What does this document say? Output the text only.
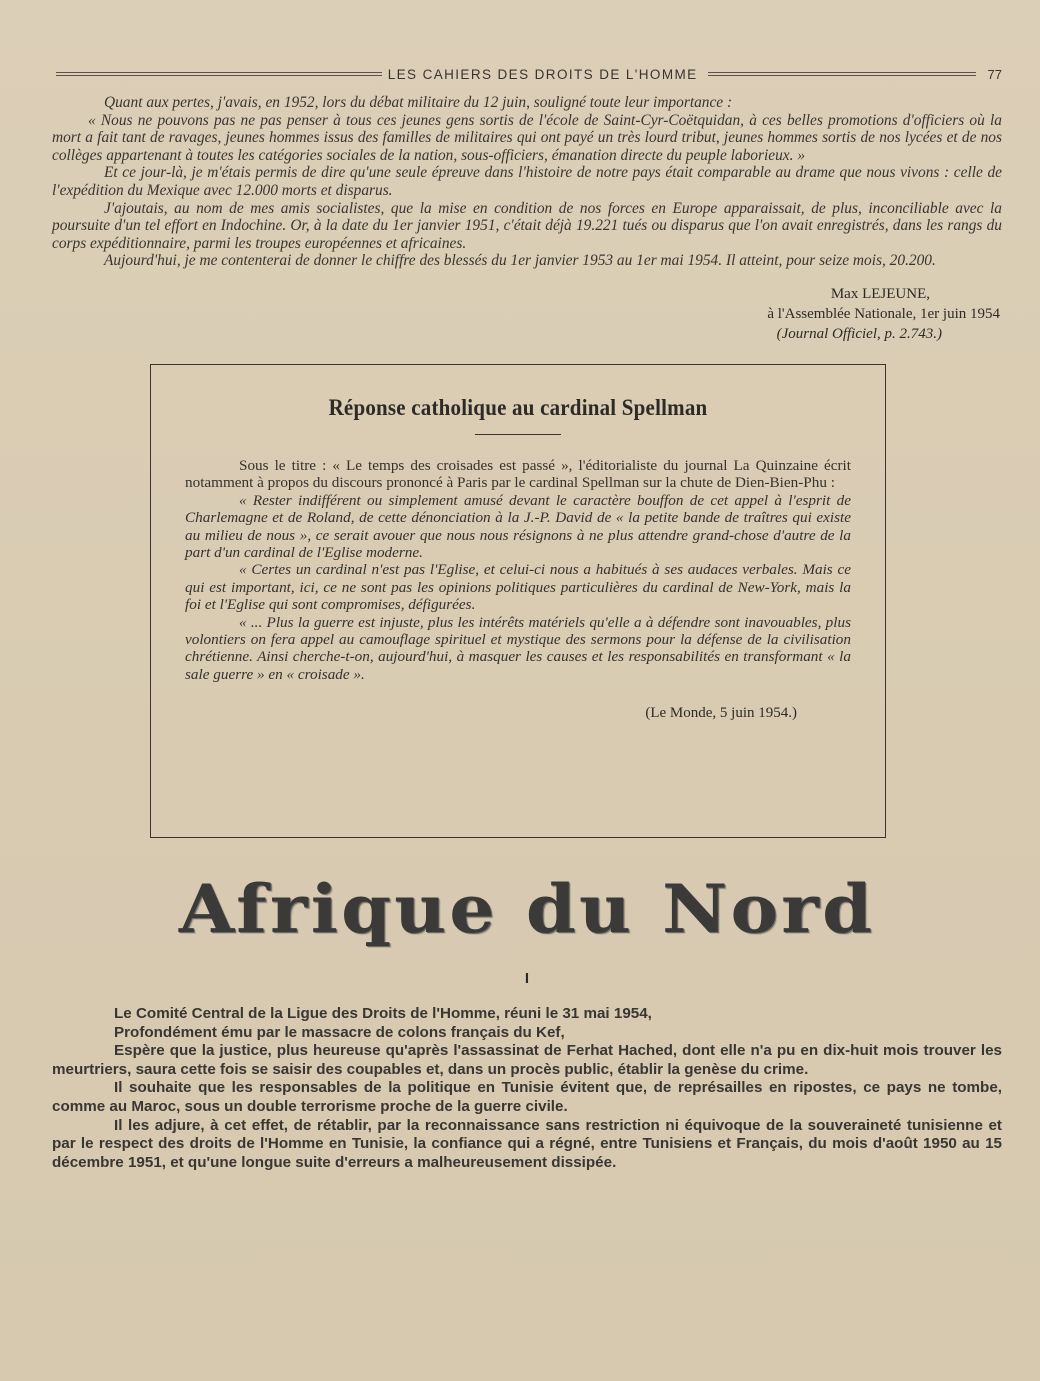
LES CAHIERS DES DROITS DE L'HOMME	77

Quant aux pertes, j'avais, en 1952, lors du débat militaire du 12 juin, souligné toute leur importance :

« Nous ne pouvons pas ne pas penser à tous ces jeunes gens sortis de l'école de Saint-Cyr-Coëtquidan, à ces belles promotions d'officiers où la mort a fait tant de ravages, jeunes hommes issus des familles de militaires qui ont payé un très lourd tribut, jeunes hommes sortis de nos lycées et de nos collèges appartenant à toutes les catégories sociales de la nation, sous-officiers, émanation directe du peuple laborieux. »

Et ce jour-là, je m'étais permis de dire qu'une seule épreuve dans l'histoire de notre pays était comparable au drame que nous vivons : celle de l'expédition du Mexique avec 12.000 morts et disparus.

J'ajoutais, au nom de mes amis socialistes, que la mise en condition de nos forces en Europe apparaissait, de plus, inconciliable avec la poursuite d'un tel effort en Indochine. Or, à la date du 1er janvier 1951, c'était déjà 19.221 tués ou disparus que l'on avait enregistrés, dans les rangs du corps expéditionnaire, parmi les troupes européennes et africaines.

Aujourd'hui, je me contenterai de donner le chiffre des blessés du 1er janvier 1953 au 1er mai 1954. Il atteint, pour seize mois, 20.200.

Max LEJEUNE,
à l'Assemblée Nationale, 1er juin 1954
(Journal Officiel, p. 2.743.)
Réponse catholique au cardinal Spellman

Sous le titre : « Le temps des croisades est passé », l'éditorialiste du journal La Quinzaine écrit notamment à propos du discours prononcé à Paris par le cardinal Spellman sur la chute de Dien-Bien-Phu :

« Rester indifférent ou simplement amusé devant le caractère bouffon de cet appel à l'esprit de Charlemagne et de Roland, de cette dénonciation à la J.-P. David de « la petite bande de traîtres qui existe au milieu de nous », ce serait avouer que nous nous résignons à ne plus attendre grand-chose d'autre de la part d'un cardinal de l'Eglise moderne.

« Certes un cardinal n'est pas l'Eglise, et celui-ci nous a habitués à ses audaces verbales. Mais ce qui est important, ici, ce ne sont pas les opinions politiques particulières du cardinal de New-York, mais la foi et l'Eglise qui sont compromises, défigurées.

« ... Plus la guerre est injuste, plus les intérêts matériels qu'elle a à défendre sont inavouables, plus volontiers on fera appel au camouflage spirituel et mystique des sermons pour la défense de la civilisation chrétienne. Ainsi cherche-t-on, aujourd'hui, à masquer les causes et les responsabilités en transformant « la sale guerre » en « croisade ».

(Le Monde, 5 juin 1954.)
Afrique du Nord
I

Le Comité Central de la Ligue des Droits de l'Homme, réuni le 31 mai 1954,

Profondément ému par le massacre de colons français du Kef,

Espère que la justice, plus heureuse qu'après l'assassinat de Ferhat Hached, dont elle n'a pu en dix-huit mois trouver les meurtriers, saura cette fois se saisir des coupables et, dans un procès public, établir la genèse du crime.

Il souhaite que les responsables de la politique en Tunisie évitent que, de représailles en ripostes, ce pays ne tombe, comme au Maroc, sous un double terrorisme proche de la guerre civile.

Il les adjure, à cet effet, de rétablir, par la reconnaissance sans restriction ni équivoque de la souveraineté tunisienne et par le respect des droits de l'Homme en Tunisie, la confiance qui a régné, entre Tunisiens et Français, du mois d'août 1950 au 15 décembre 1951, et qu'une longue suite d'erreurs a malheureusement dissipée.
